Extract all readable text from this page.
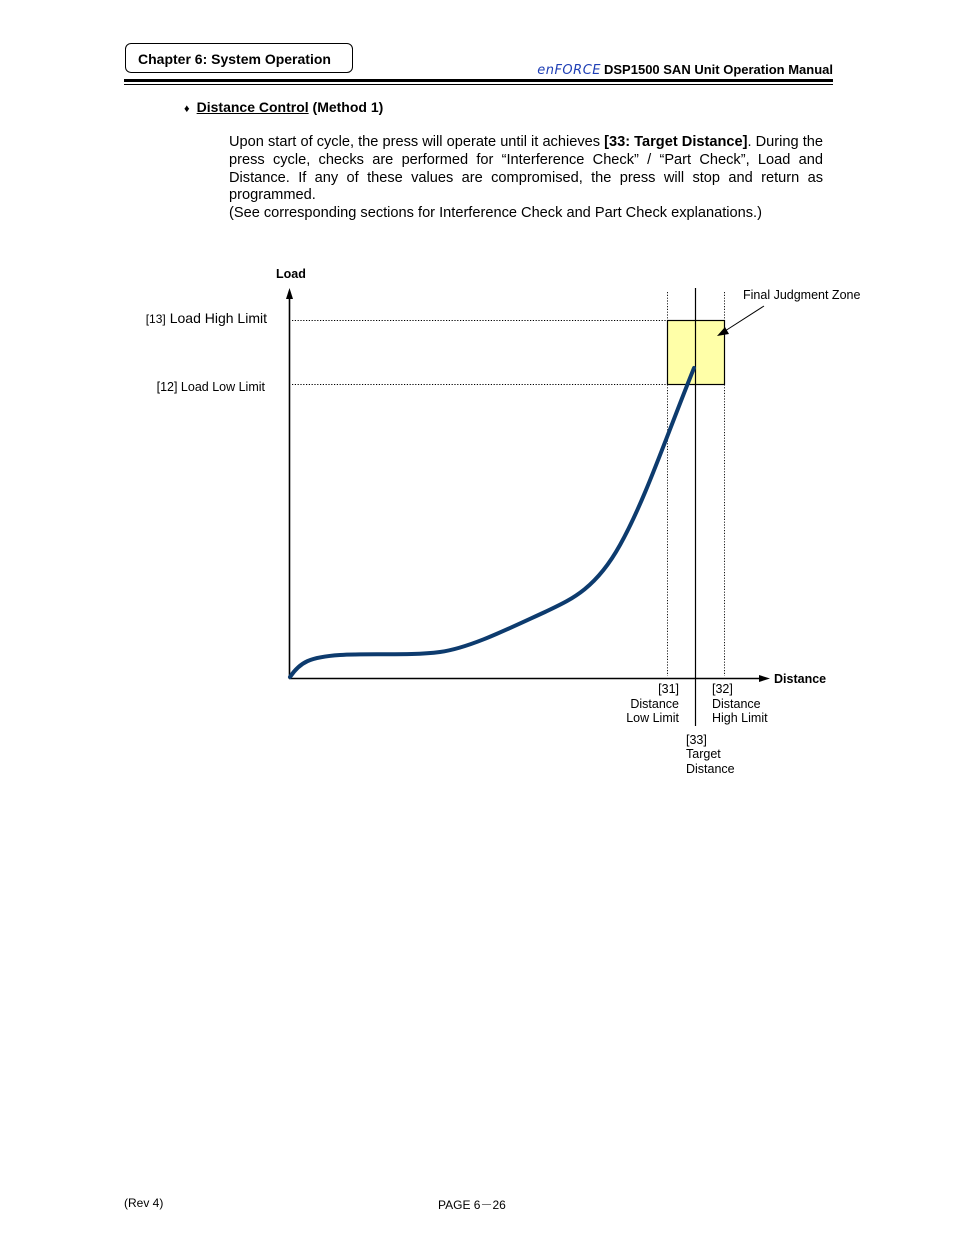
Chapter 6: System Operation
enFORCE DSP1500 SAN Unit Operation Manual
♦ Distance Control (Method 1)
Upon start of cycle, the press will operate until it achieves [33: Target Distance]. During the press cycle, checks are performed for “Interference Check” / “Part Check”, Load and Distance. If any of these values are compromised, the press will stop and return as programmed.
(See corresponding sections for Interference Check and Part Check explanations.)
Load
Distance
[13] Load High Limit
[12] Load Low Limit
Final Judgment Zone
[31]
Distance
Low Limit
[32]
Distance
High Limit
[33]
Target
Distance
(Rev 4)	PAGE 6－26
